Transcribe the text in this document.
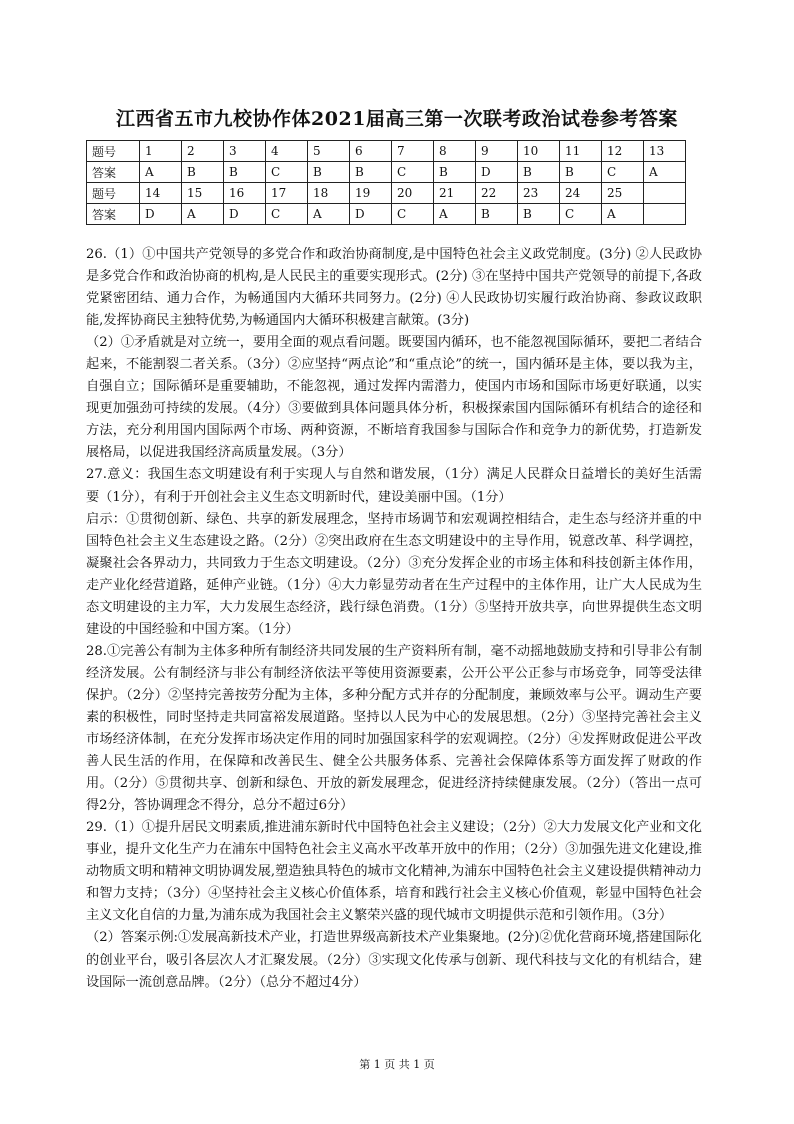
江西省五市九校协作体2021届高三第一次联考政治试卷参考答案
题号	1	2	3	4	5	6	7	8	9	10	11	12	13
答案	A	B	B	C	B	B	C	B	D	B	B	C	A
题号	14	15	16	17	18	19	20	21	22	23	24	25	
答案	D	A	D	C	A	D	C	A	B	B	C	A	

26.（1）①中国共产党领导的多党合作和政治协商制度,是中国特色社会主义政党制度。(3分) ②人民政协是多党合作和政治协商的机构,是人民民主的重要实现形式。(2分) ③在坚持中国共产党领导的前提下,各政党紧密团结、通力合作，为畅通国内大循环共同努力。(2分) ④人民政协切实履行政治协商、参政议政职能,发挥协商民主独特优势,为畅通国内大循环积极建言献策。(3分)

（2）①矛盾就是对立统一，要用全面的观点看问题。既要国内循环，也不能忽视国际循环，要把二者结合起来，不能割裂二者关系。（3分）②应坚持“两点论”和“重点论”的统一，国内循环是主体，要以我为主，自强自立；国际循环是重要辅助，不能忽视，通过发挥内需潜力，使国内市场和国际市场更好联通，以实现更加强劲可持续的发展。（4分）③要做到具体问题具体分析，积极探索国内国际循环有机结合的途径和方法，充分利用国内国际两个市场、两种资源，不断培育我国参与国际合作和竞争力的新优势，打造新发展格局，以促进我国经济高质量发展。（3分）

27.意义：我国生态文明建设有利于实现人与自然和谐发展，（1分）满足人民群众日益增长的美好生活需要（1分），有利于开创社会主义生态文明新时代，建设美丽中国。（1分）

启示：①贯彻创新、绿色、共享的新发展理念，坚持市场调节和宏观调控相结合，走生态与经济并重的中国特色社会主义生态建设之路。（2分）②突出政府在生态文明建设中的主导作用，锐意改革、科学调控，凝聚社会各界动力，共同致力于生态文明建设。（2分）③充分发挥企业的市场主体和科技创新主体作用，走产业化经营道路，延伸产业链。（1分）④大力彰显劳动者在生产过程中的主体作用，让广大人民成为生态文明建设的主力军，大力发展生态经济，践行绿色消费。（1分）⑤坚持开放共享，向世界提供生态文明建设的中国经验和中国方案。（1分）

28.①完善公有制为主体多种所有制经济共同发展的生产资料所有制，毫不动摇地鼓励支持和引导非公有制经济发展。公有制经济与非公有制经济依法平等使用资源要素，公开公平公正参与市场竞争，同等受法律保护。（2分）②坚持完善按劳分配为主体，多种分配方式并存的分配制度，兼顾效率与公平。调动生产要素的积极性，同时坚持走共同富裕发展道路。坚持以人民为中心的发展思想。（2分）③坚持完善社会主义市场经济体制，在充分发挥市场决定作用的同时加强国家科学的宏观调控。（2分）④发挥财政促进公平改善人民生活的作用，在保障和改善民生、健全公共服务体系、完善社会保障体系等方面发挥了财政的作用。（2分）⑤贯彻共享、创新和绿色、开放的新发展理念，促进经济持续健康发展。（2分）（答出一点可得2分，答协调理念不得分，总分不超过6分）

29.（1）①提升居民文明素质,推进浦东新时代中国特色社会主义建设；（2分）②大力发展文化产业和文化事业，提升文化生产力在浦东中国特色社会主义高水平改革开放中的作用；（2分）③加强先进文化建设,推动物质文明和精神文明协调发展,塑造独具特色的城市文化精神,为浦东中国特色社会主义建设提供精神动力和智力支持；（3分）④坚持社会主义核心价值体系，培育和践行社会主义核心价值观，彰显中国特色社会主义文化自信的力量,为浦东成为我国社会主义繁荣兴盛的现代城市文明提供示范和引领作用。（3分）

（2）答案示例:①发展高新技术产业，打造世界级高新技术产业集聚地。(2分)②优化营商环境,搭建国际化的创业平台，吸引各层次人才汇聚发展。（2分）③实现文化传承与创新、现代科技与文化的有机结合，建设国际一流创意品牌。（2分）（总分不超过4分）

第 1 页 共 1 页
